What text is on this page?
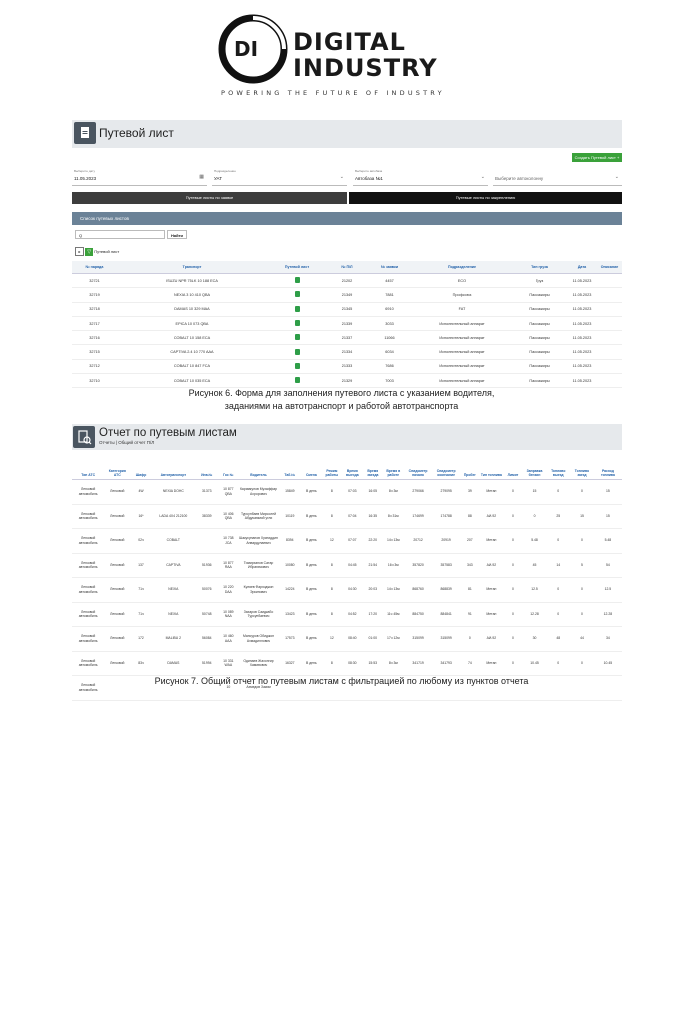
DI DIGITAL
INDUSTRY
POWERING THE FUTURE OF INDUSTRY
Путевой лист
Создать Путевой лист +
Выберите дату
11.05.2023	▦
Подразделение
УАТ	⌄
Выберите автобаза
Автобаза №1	⌄ Выберите автоколонну	⌄
Путевые листы по заявке	Путевые листы по закреплению
Список путевых листов
Q	Найти
▸ ▽ Путевой лист
№ наряда	Транспорт	Путевой лист	№ П/Л	№ заявки	Подразделение	Тип груза	Дата	Описание
32721	ISUZU NPR 75LK 10 188 ECA		21202	4457	ECO	Груз	11.05.2023	
32719	NEXIA 3 10 410 QBA		21349	7881	Профсоюз	Пассажиры	11.05.2023	
32718	DAMAS 10 329 MAA		21345	6910	FAT	Пассажиры	11.05.2023	
32717	EPICA 10 073 QBA		21339	3033	Исполнительный аппарат	Пассажиры	11.05.2023	
32716	COBALT 10 158 ECA		21337	11066	Исполнительный аппарат	Пассажиры	11.05.2023	
32715	CAPTIVA 2.4 10 770 AAA		21334	6034	Исполнительный аппарат	Пассажиры	11.05.2023	
32712	COBALT 10 847 FCA		21333	7686	Исполнительный аппарат	Пассажиры	11.05.2023	
32710	COBALT 10 035 ECA		21329	7003	Исполнительный аппарат	Пассажиры	11.05.2023	
Рисунок 6. Форма для заполнения путевого листа с указанием водителя,
заданиями на автотранспорт и работой автотранспорта
Отчет по путевым листам
Отчеты | Общий отчет П/Л
Тип АТС	Категория АТС	Шифр	Автотранспорт	Инв.№	Гос №	Водитель	Таб.№	Смена	Режим работы	Время выезда	Время заезда	Время в работе	Спидометр начало	Спидометр окончание	Пробег	Тип топлива	Лимит	Заправка бензин	Топливо выезд	Топливо заезд	Расход топлива
Легковой автомобиль	Легковой	4W	NEXIA DOHC	31373	10 877 QBA	Каримкулов Музаффар Ахрорович	15849	В день	8	07:03	16:05	8ч 3м	279066	279095	39	Метан	0	15	0	0	15
Легковой автомобиль	Легковой	16*	LADA 4X4 212100	38339	10 406 QBA	Турсунбаев Мирсолей Абдукаюмой угли	10119	В день	8	07:04	16:35	8ч 31м	174699	174788	88	АИ-92	0	0	25	15	15
Легковой автомобиль	Легковой	02ч	COBALT		10 738 JCA	Шакусупанов Хусниддин Анвардулаевич	8394	В день	12	07:07	22:20	14ч 13м	20712	20919	207	Метан	0	5.48	0	0	5.48
Легковой автомобиль	Легковой	137	CAPTIVA	51936	10 877 RAA	Тимирханов Сатар Ибрагимович	10080	В день	8	04:45	21:54	16ч 3м	357820	357583	343	АИ-92	0	45	14	5	54
Легковой автомобиль	Легковой	71ч	NEXIA	50076	10 220 DAA	Куляев Фарходжон Эркинович	14224	В день	8	04:30	20:03	14ч 13м	868760	868839	81	Метан	0	12.5	0	0	12.5
Легковой автомобиль	Легковой	71ч	NEXIA	50748	10 089 NAA	Захаров Саидкабо Турсунбаевич	13423	В день	8	04:52	17:20	11ч 45м	884750	884841	91	Метан	0	12.28	0	0	12.28
Легковой автомобиль	Легковой	172	MALIBU 2	56084	10 460 AAA	Мансуров Обиджон Ахмадиллович	17573	В день	12	08:40	01:00	17ч 12м	315099	315099	0	АИ-92	0	30	48	44	34
Легковой автомобиль	Легковой	83ч	DAMAS	51994	10 331 WAA	Одинаев Жахонгир Хамивович	16327	В день	8	08:30	15:53	8ч 3м	341719	341793	74	Метан	0	10.45	0	0	10.45
Легковой автомобиль					10	Ахмедов Заким															
Рисунок 7. Общий отчет по путевым листам с фильтрацией по любому из пунктов отчета
